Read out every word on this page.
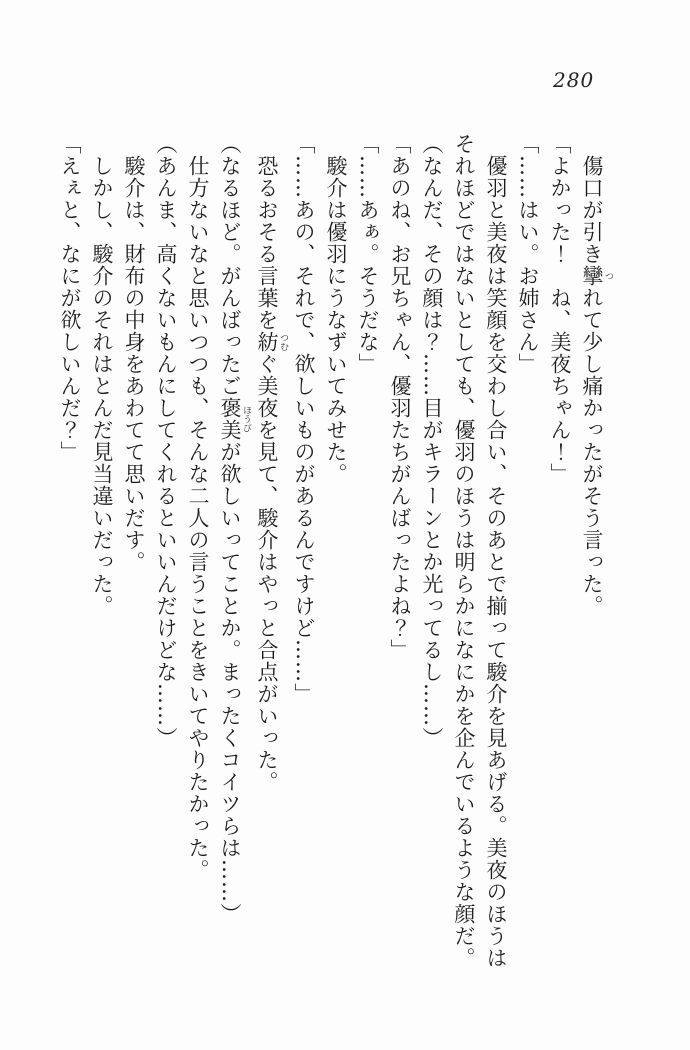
280

傷口が引き攣 つれて少し痛かったがそう言った。

「よかった！　ね、美夜ちゃん！」

「……はい。お姉さん」

優羽と美夜は笑顔を交わし合い、そのあとで揃って駿介を見あげる。美夜のほうはそれほどではないとしても、優羽のほうは明らかになにかを企んでいるような顔だ。

（なんだ、その顔は？……目がキラーンとか光ってるし……）

「あのね、お兄ちゃん、優羽たちがんばったよね？」

「……あぁ。そうだな」

駿介は優羽にうなずいてみせた。

「……あの、それで、欲しいものがあるんですけど……」

恐るおそる言葉を紡 つむぐ美夜を見て、駿介はやっと合点がいった。

（なるほど。がんばったご褒美 ほうびが欲しいってことか。まったくコイツらは……）

仕方ないなと思いつつも、そんな二人の言うことをきいてやりたかった。

（あんま、高くないもんにしてくれるといいんだけどな……）

駿介は、財布の中身をあわてて思いだす。

しかし、駿介のそれはとんだ見当違いだった。

「えぇと、なにが欲しいんだ？」
